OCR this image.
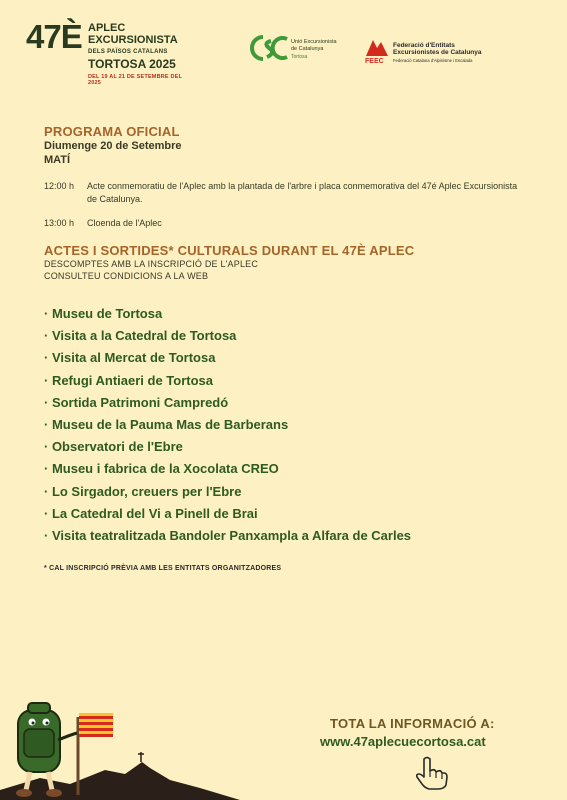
47È APLEC
EXCURSIONISTA
DELS PAÏSOS CATALANS
TORTOSA 2025
DEL 19 AL 21 DE SETEMBRE DEL 2025
Unió Excursionista
de Catalunya
Tortosa
FEEC
Federació d'Entitats
Excursionistes de Catalunya
Federació Catalana d'Alpinisme i Escalada
PROGRAMA OFICIAL
Diumenge 20 de Setembre
MATÍ
12:00 h Acte conmemoratiu de l'Aplec amb la plantada de l'arbre i placa conmemorativa del 47é Aplec Excursionista de Catalunya.
13:00 h Cloenda de l'Aplec
ACTES I SORTIDES* CULTURALS DURANT EL 47È APLEC
DESCOMPTES AMB LA INSCRIPCIÓ DE L'APLEC
CONSULTEU CONDICIONS A LA WEB
· Museu de Tortosa
· Visita a la Catedral de Tortosa
· Visita al Mercat de Tortosa
· Refugi Antiaeri de Tortosa
· Sortida Patrimoni Campredó
· Museu de la Pauma Mas de Barberans
· Observatori de l'Ebre
· Museu i fabrica de la Xocolata CREO
· Lo Sirgador, creuers per l'Ebre
· La Catedral del Vi a Pinell de Brai
· Visita teatralitzada Bandoler Panxampla a Alfara de Carles
* CAL INSCRIPCIÓ PRÈVIA AMB LES ENTITATS ORGANITZADORES
TOTA LA INFORMACIÓ A:
www.47aplecuecortosa.cat
